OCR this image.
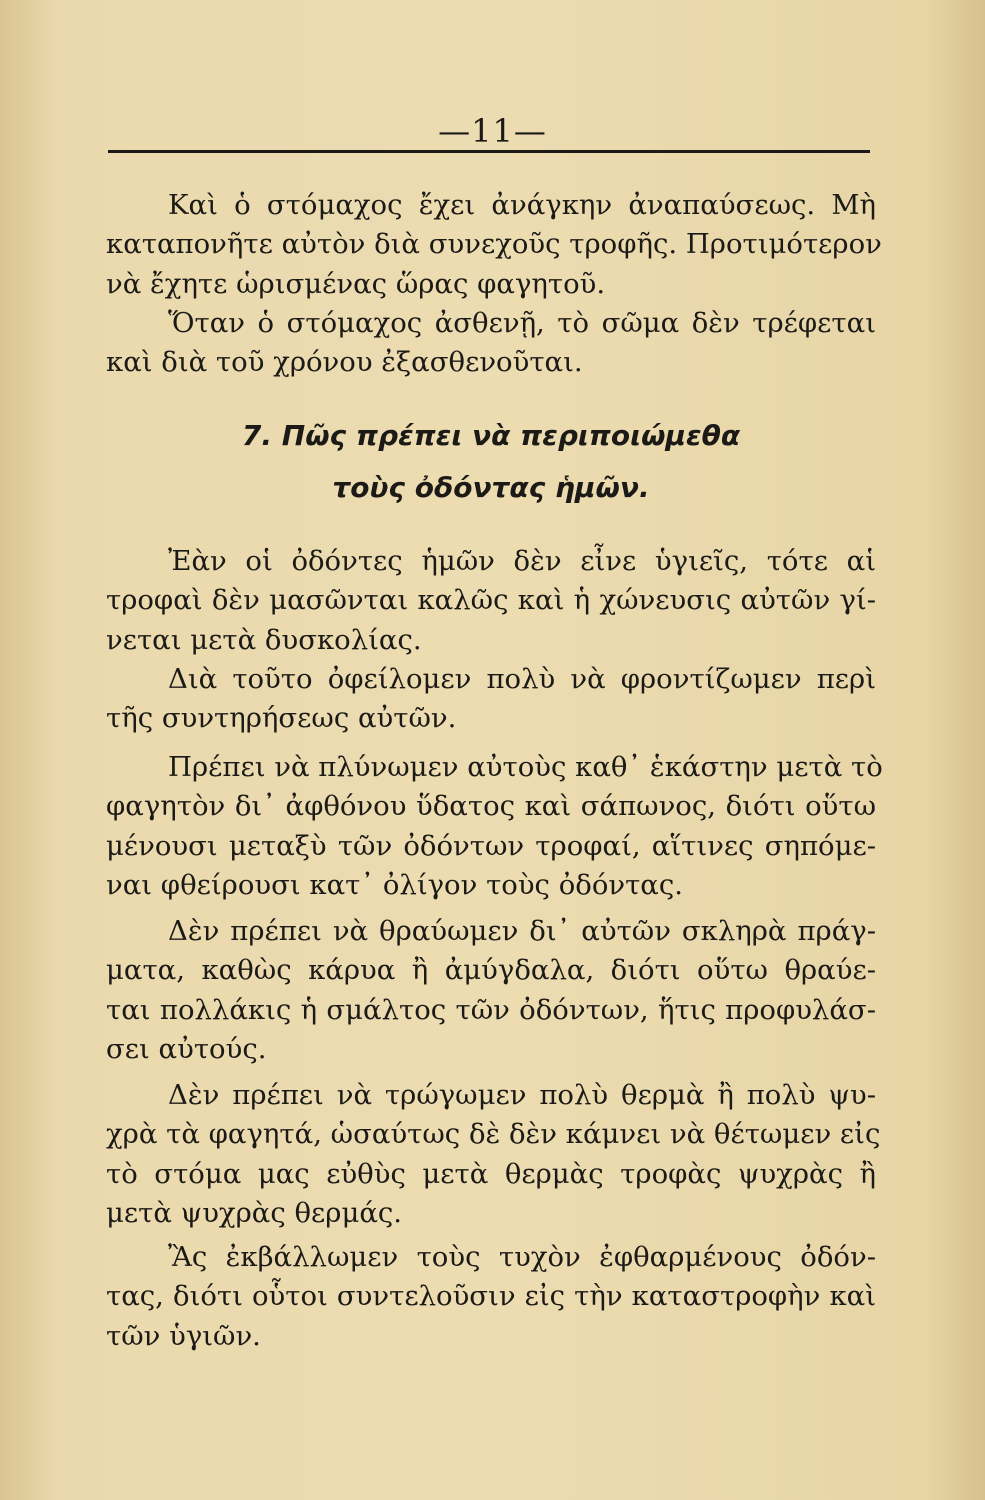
—11—

Καὶ ὁ στόμαχος ἔχει ἀνάγκην ἀναπαύσεως. Μὴ
καταπονῆτε αὐτὸν διὰ συνεχοῦς τροφῆς. Προτιμότερον
νὰ ἔχητε ὡρισμένας ὥρας φαγητοῦ.

Ὅταν ὁ στόμαχος ἀσθενῇ, τὸ σῶμα δὲν τρέφεται
καὶ διὰ τοῦ χρόνου ἐξασθενοῦται.

7. Πῶς πρέπει νὰ περιποιώμεθα
τοὺς ὀδόντας ἡμῶν.

Ἐὰν οἱ ὀδόντες ἡμῶν δὲν εἶνε ὑγιεῖς, τότε αἱ
τροφαὶ δὲν μασῶνται καλῶς καὶ ἡ χώνευσις αὐτῶν γί-
νεται μετὰ δυσκολίας.

Διὰ τοῦτο ὀφείλομεν πολὺ νὰ φροντίζωμεν περὶ
τῆς συντηρήσεως αὐτῶν.

Πρέπει νὰ πλύνωμεν αὐτοὺς καθ᾽ ἑκάστην μετὰ τὸ
φαγητὸν δι᾽ ἀφθόνου ὕδατος καὶ σάπωνος, διότι οὕτω
μένουσι μεταξὺ τῶν ὀδόντων τροφαί, αἵτινες σηπόμε-
ναι φθείρουσι κατ᾽ ὀλίγον τοὺς ὀδόντας.

Δὲν πρέπει νὰ θραύωμεν δι᾽ αὐτῶν σκληρὰ πράγ-
ματα, καθὼς κάρυα ἢ ἀμύγδαλα, διότι οὕτω θραύε-
ται πολλάκις ἡ σμάλτος τῶν ὀδόντων, ἥτις προφυλάσ-
σει αὐτούς.

Δὲν πρέπει νὰ τρώγωμεν πολὺ θερμὰ ἢ πολὺ ψυ-
χρὰ τὰ φαγητά, ὡσαύτως δὲ δὲν κάμνει νὰ θέτωμεν εἰς
τὸ στόμα μας εὐθὺς μετὰ θερμὰς τροφὰς ψυχρὰς ἢ
μετὰ ψυχρὰς θερμάς.

Ἂς ἐκβάλλωμεν τοὺς τυχὸν ἐφθαρμένους ὀδόν-
τας, διότι οὗτοι συντελοῦσιν εἰς τὴν καταστροφὴν καὶ
τῶν ὑγιῶν.
